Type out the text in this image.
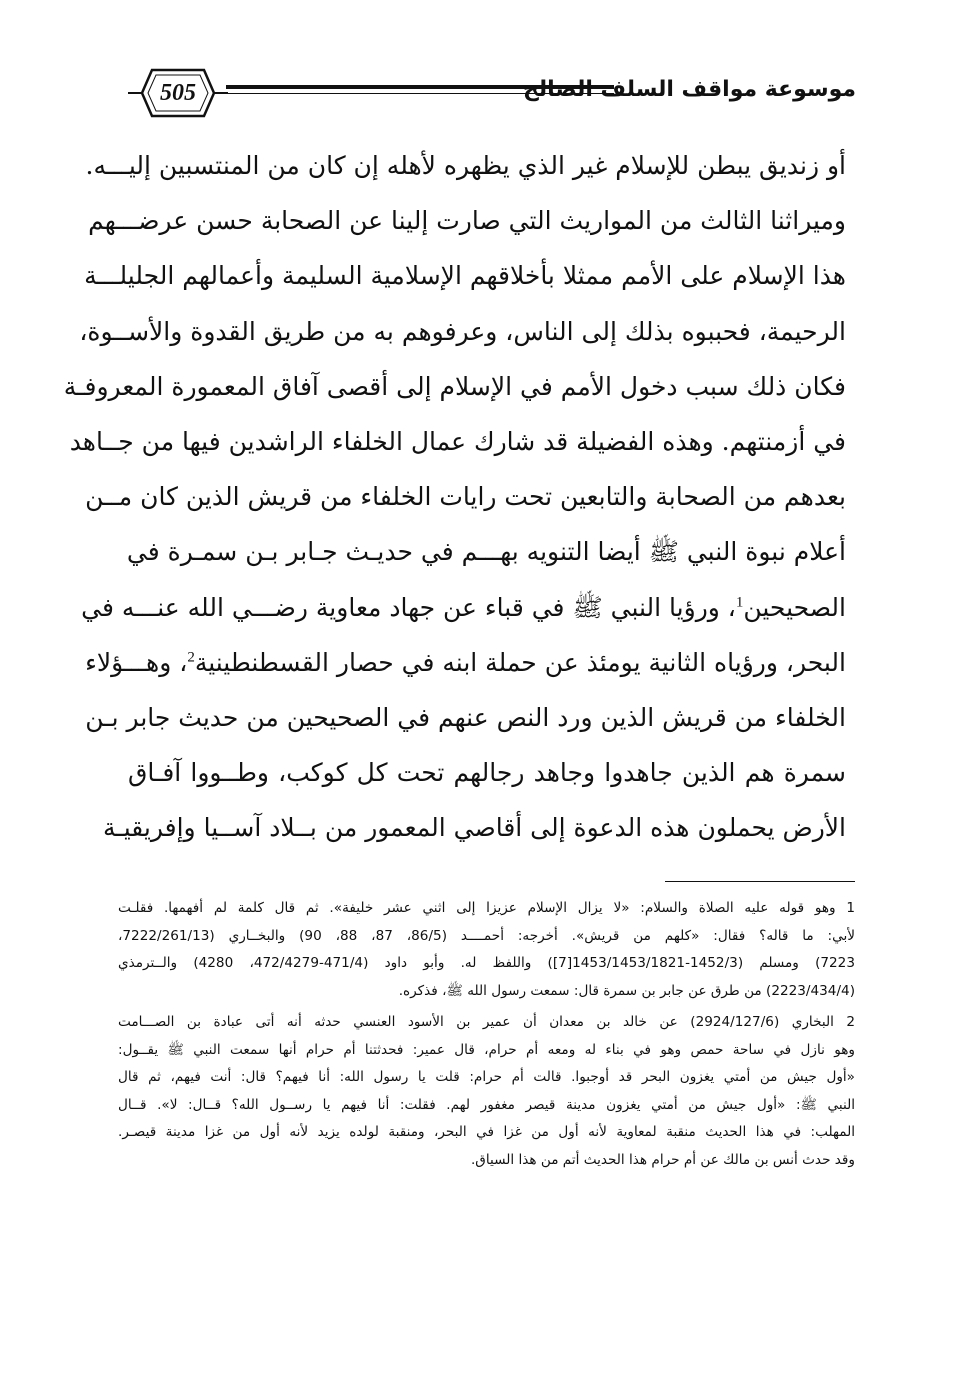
505	موسوعة مواقف السلف الصالح
أو زنديق يبطن للإسلام غير الذي يظهره لأهله إن كان من المنتسبين إليـــه.
وميراثنا الثالث من المواريث التي صارت إلينا عن الصحابة حسن عرضـــهم
هذا الإسلام على الأمم ممثلا بأخلاقهم الإسلامية السليمة وأعمالهم الجليلـــة
الرحيمة، فحببوه بذلك إلى الناس، وعرفوهم به من طريق القدوة والأســوة،
فكان ذلك سبب دخول الأمم في الإسلام إلى أقصى آفاق المعمورة المعروفـة
في أزمنتهم. وهذه الفضيلة قد شارك عمال الخلفاء الراشدين فيها من جــاهد
بعدهم من الصحابة والتابعين تحت رايات الخلفاء من قريش الذين كان مــن
أعلام نبوة النبي ﷺ أيضا التنويه بهـــم في حديـث جـابر بـن سمـرة في
الصحيحين$^1$، ورؤيا النبي ﷺ في قباء عن جهاد معاوية رضـــي الله عنـــه في
البحر، ورؤياه الثانية يومئذ عن حملة ابنه في حصار القسطنطينية$^2$، وهـــؤلاء
الخلفاء من قريش الذين ورد النص عنهم في الصحيحين من حديث جابر بـن
سمرة هم الذين جاهدوا وجاهد رجالهم تحت كل كوكب، وطــووا آفـاق
الأرض يحملون هذه الدعوة إلى أقاصي المعمور من بــلاد آســيا وإفريقيـة
1 وهو قوله عليه الصلاة والسلام: «لا يزال الإسلام عزيزا إلى اثني عشر خليفة». ثم قال كلمة لم أفهمها. فقلـت
لأبي: ما قاله؟ فقال: «كلهم من قريش». أخرجه: أحمــــد (86/5، 87، 88، 90) والبخــاري (7222/261/13،
7223) ومسلم (1452/3-1453/1453/1821[7]) واللفظ له. وأبو داود (471/4-472/4279، 4280) والــترمذي
(2223/434/4) من طرق عن جابر بن سمرة قال: سمعت رسول الله ﷺ، فذكره.
2 البخاري (2924/127/6) عن خالد بن معدان أن عمير بن الأسود العنسي حدثه أنه أتى عبادة بن الصـــامت
وهو نازل في ساحة حمص وهو في بناء له ومعه أم حرام، قال عمير: فحدثتنا أم حرام أنها سمعت النبي ﷺ يقــول:
«أول جيش من أمتي يغزون البحر قد أوجبوا. قالت أم حرام: قلت يا رسول الله: أنا فيهم؟ قال: أنت فيهم، ثم قال
النبي ﷺ: «أول جيش من أمتي يغزون مدينة قيصر مغفور لهم. فقلت: أنا فيهم يا رســول الله؟ قــال: لا». قــال
المهلب: في هذا الحديث منقبة لمعاوية لأنه أول من غزا في البحر، ومنقبة لولده يزيد لأنه أول من غزا مدينة قيصـر.
وقد حدث أنس بن مالك عن أم حرام هذا الحديث أتم من هذا السياق.
